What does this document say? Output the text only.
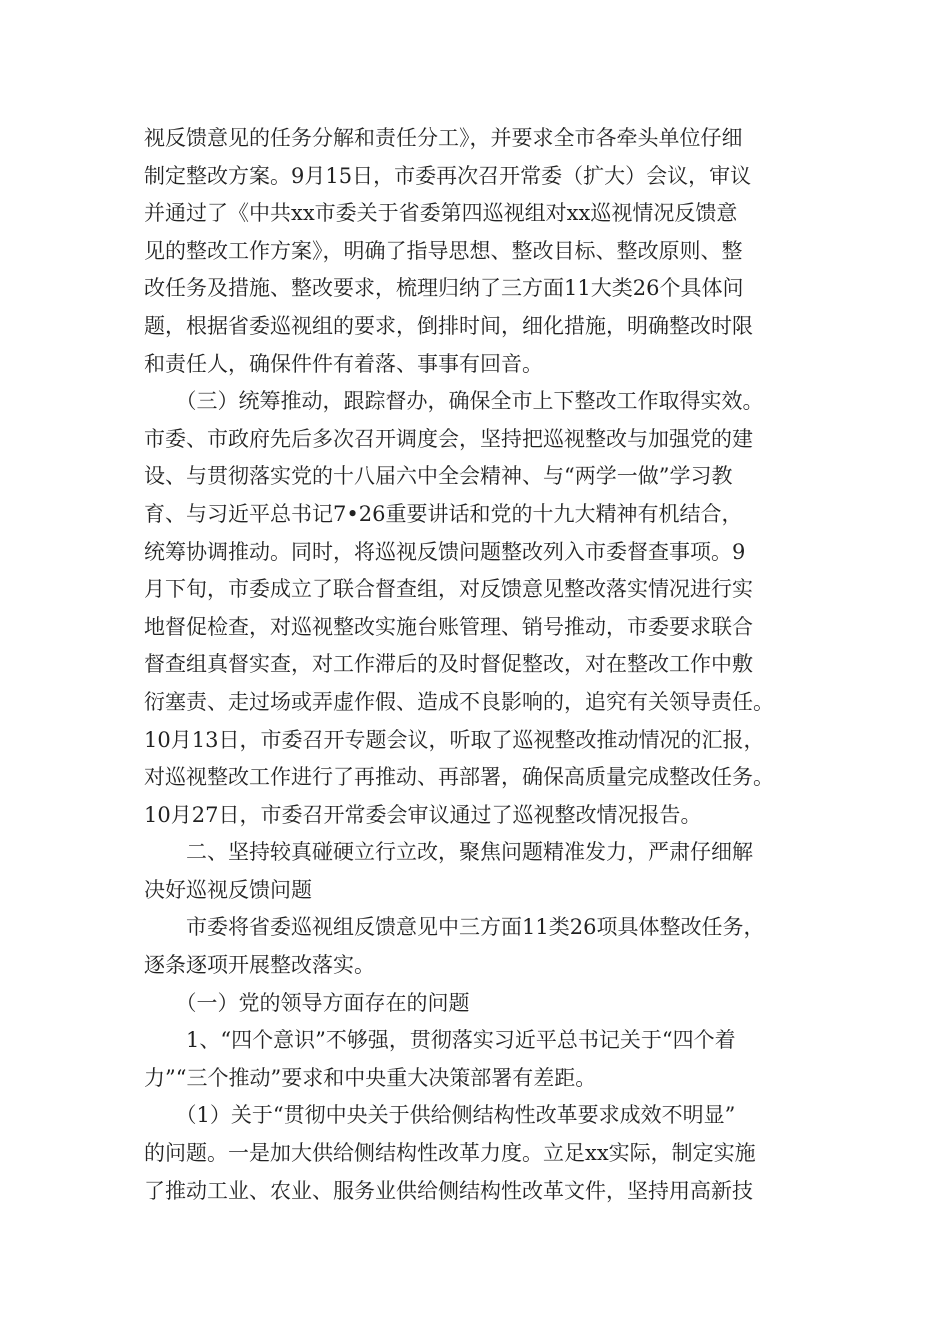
视反馈意见的任务分解和责任分工》，并要求全市各牵头单位仔细
制定整改方案。9月15日，市委再次召开常委（扩大）会议，审议
并通过了《中共xx市委关于省委第四巡视组对xx巡视情况反馈意
见的整改工作方案》，明确了指导思想、整改目标、整改原则、整
改任务及措施、整改要求，梳理归纳了三方面11大类26个具体问
题，根据省委巡视组的要求，倒排时间，细化措施，明确整改时限
和责任人，确保件件有着落、事事有回音。
　　（三）统筹推动，跟踪督办，确保全市上下整改工作取得实效。
市委、市政府先后多次召开调度会，坚持把巡视整改与加强党的建
设、与贯彻落实党的十八届六中全会精神、与“两学一做”学习教
育、与习近平总书记7•26重要讲话和党的十九大精神有机结合，
统筹协调推动。同时，将巡视反馈问题整改列入市委督查事项。9
月下旬，市委成立了联合督查组，对反馈意见整改落实情况进行实
地督促检查，对巡视整改实施台账管理、销号推动，市委要求联合
督查组真督实查，对工作滞后的及时督促整改，对在整改工作中敷
衍塞责、走过场或弄虚作假、造成不良影响的，追究有关领导责任。
10月13日，市委召开专题会议，听取了巡视整改推动情况的汇报，
对巡视整改工作进行了再推动、再部署，确保高质量完成整改任务。
10月27日，市委召开常委会审议通过了巡视整改情况报告。
　　二、坚持较真碰硬立行立改，聚焦问题精准发力，严肃仔细解
决好巡视反馈问题
　　市委将省委巡视组反馈意见中三方面11类26项具体整改任务，
逐条逐项开展整改落实。
　　（一）党的领导方面存在的问题
　　1、“四个意识”不够强，贯彻落实习近平总书记关于“四个着
力”“三个推动”要求和中央重大决策部署有差距。
　　（1）关于“贯彻中央关于供给侧结构性改革要求成效不明显”
的问题。一是加大供给侧结构性改革力度。立足xx实际，制定实施
了推动工业、农业、服务业供给侧结构性改革文件，坚持用高新技
